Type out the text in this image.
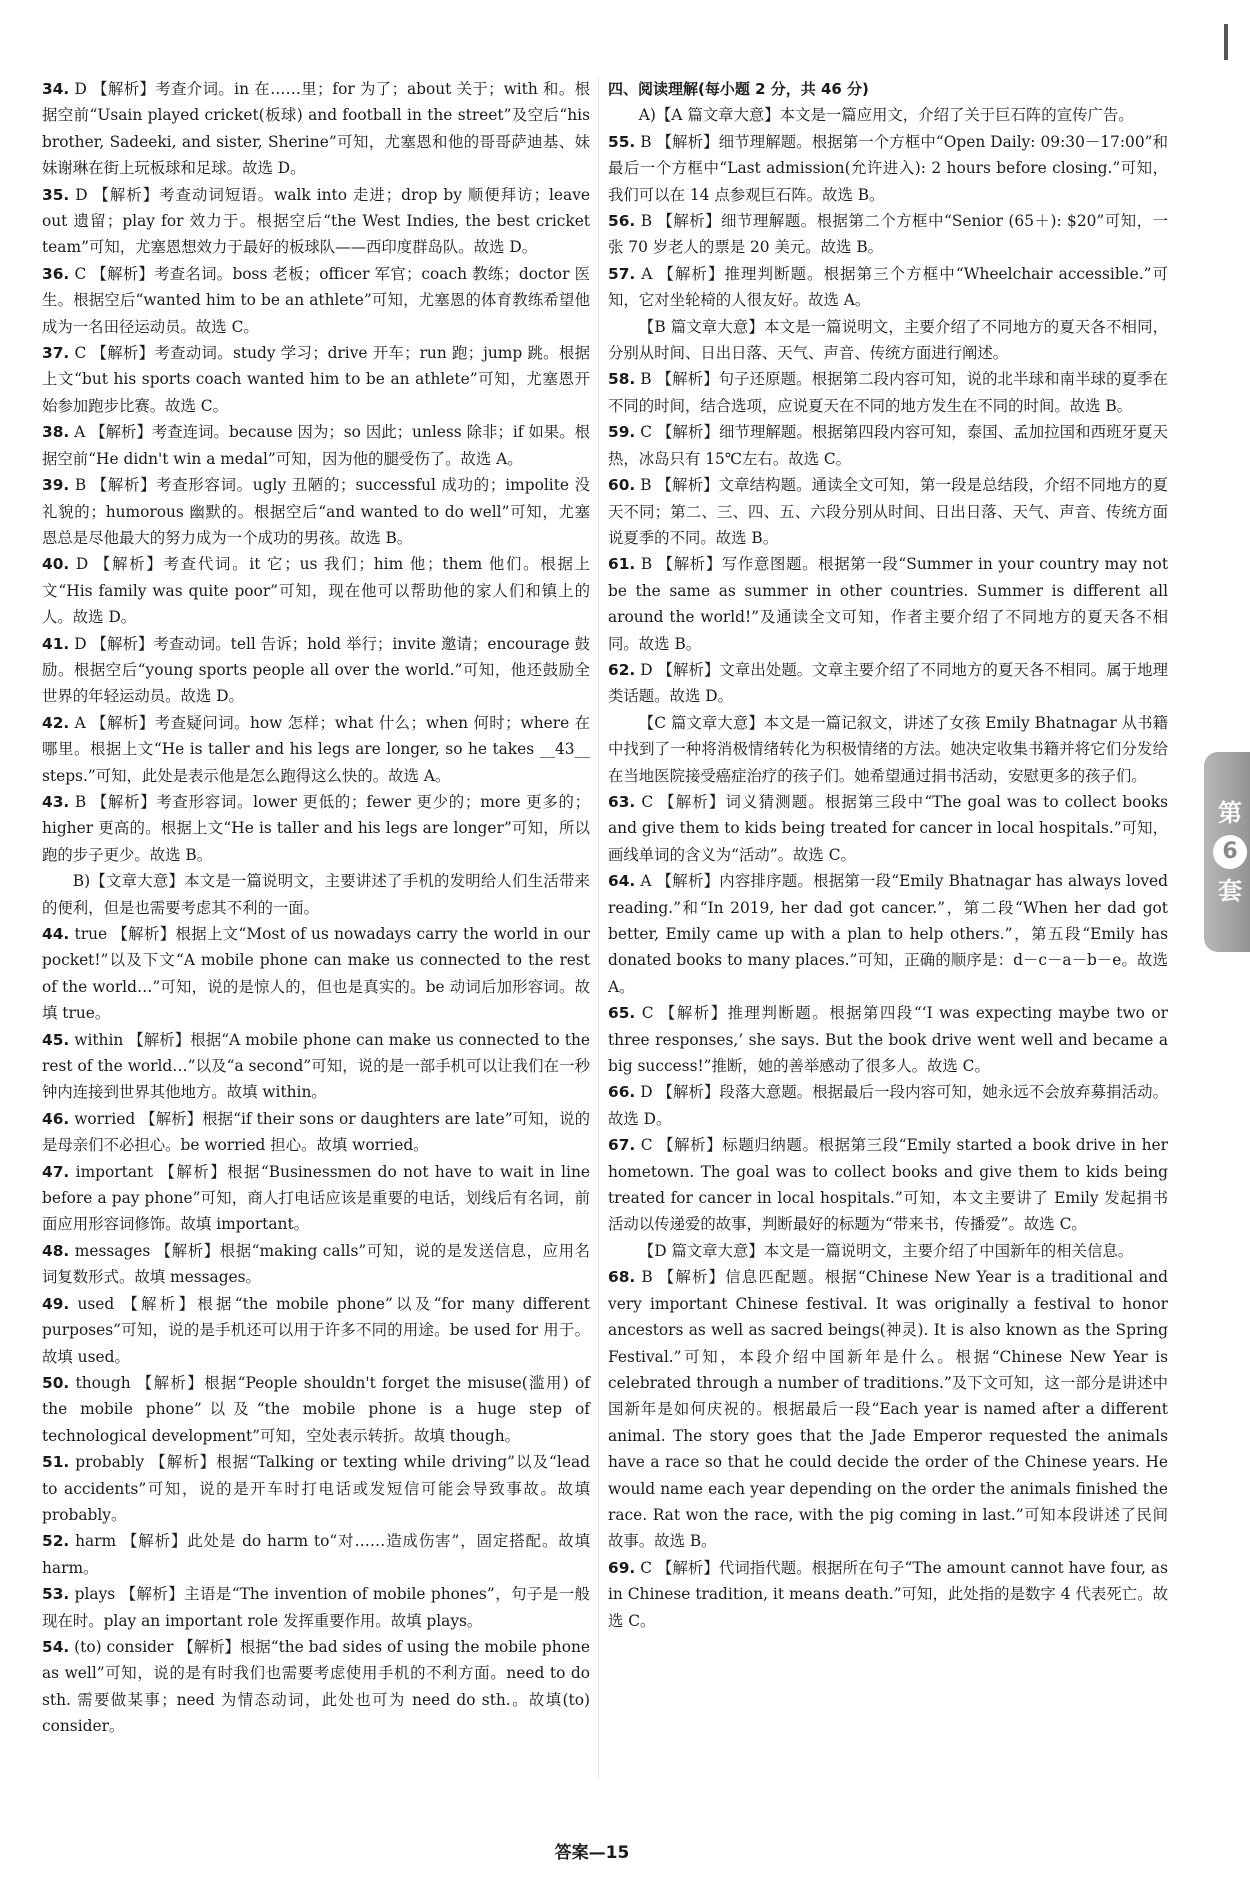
34. D 【解析】考查介词。in 在……里；for 为了；about 关于；with 和。根据空前“Usain played cricket(板球) and football in the street”及空后“his brother, Sadeeki, and sister, Sherine”可知，尤塞恩和他的哥哥萨迪基、妹妹谢琳在街上玩板球和足球。故选 D。

35. D 【解析】考查动词短语。walk into 走进；drop by 顺便拜访；leave out 遗留；play for 效力于。根据空后“the West Indies, the best cricket team”可知，尤塞恩想效力于最好的板球队——西印度群岛队。故选 D。

36. C 【解析】考查名词。boss 老板；officer 军官；coach 教练；doctor 医生。根据空后“wanted him to be an athlete”可知，尤塞恩的体育教练希望他成为一名田径运动员。故选 C。

37. C 【解析】考查动词。study 学习；drive 开车；run 跑；jump 跳。根据上文“but his sports coach wanted him to be an athlete”可知，尤塞恩开始参加跑步比赛。故选 C。

38. A 【解析】考查连词。because 因为；so 因此；unless 除非；if 如果。根据空前“He didn't win a medal”可知，因为他的腿受伤了。故选 A。

39. B 【解析】考查形容词。ugly 丑陋的；successful 成功的；impolite 没礼貌的；humorous 幽默的。根据空后“and wanted to do well”可知，尤塞恩总是尽他最大的努力成为一个成功的男孩。故选 B。

40. D 【解析】考查代词。it 它；us 我们；him 他；them 他们。根据上文“His family was quite poor”可知，现在他可以帮助他的家人们和镇上的人。故选 D。

41. D 【解析】考查动词。tell 告诉；hold 举行；invite 邀请；encourage 鼓励。根据空后“young sports people all over the world.”可知，他还鼓励全世界的年轻运动员。故选 D。

42. A 【解析】考查疑问词。how 怎样；what 什么；when 何时；where 在哪里。根据上文“He is taller and his legs are longer, so he takes __43__ steps.”可知，此处是表示他是怎么跑得这么快的。故选 A。

43. B 【解析】考查形容词。lower 更低的；fewer 更少的；more 更多的；higher 更高的。根据上文“He is taller and his legs are longer”可知，所以跑的步子更少。故选 B。

B)【文章大意】本文是一篇说明文，主要讲述了手机的发明给人们生活带来的便利，但是也需要考虑其不利的一面。

44. true 【解析】根据上文“Most of us nowadays carry the world in our pocket!”以及下文“A mobile phone can make us connected to the rest of the world…”可知，说的是惊人的，但也是真实的。be 动词后加形容词。故填 true。

45. within 【解析】根据“A mobile phone can make us connected to the rest of the world…”以及“a second”可知，说的是一部手机可以让我们在一秒钟内连接到世界其他地方。故填 within。

46. worried 【解析】根据“if their sons or daughters are late”可知，说的是母亲们不必担心。be worried 担心。故填 worried。

47. important 【解析】根据“Businessmen do not have to wait in line before a pay phone”可知，商人打电话应该是重要的电话，划线后有名词，前面应用形容词修饰。故填 important。

48. messages 【解析】根据“making calls”可知，说的是发送信息，应用名词复数形式。故填 messages。

49. used 【解析】根据“the mobile phone”以及“for many different purposes”可知，说的是手机还可以用于许多不同的用途。be used for 用于。故填 used。

50. though 【解析】根据“People shouldn't forget the misuse(滥用) of the mobile phone”以及“the mobile phone is a huge step of technological development”可知，空处表示转折。故填 though。

51. probably 【解析】根据“Talking or texting while driving”以及“lead to accidents”可知，说的是开车时打电话或发短信可能会导致事故。故填 probably。

52. harm 【解析】此处是 do harm to“对……造成伤害”，固定搭配。故填 harm。

53. plays 【解析】主语是“The invention of mobile phones”，句子是一般现在时。play an important role 发挥重要作用。故填 plays。

54. (to) consider 【解析】根据“the bad sides of using the mobile phone as well”可知，说的是有时我们也需要考虑使用手机的不利方面。need to do sth. 需要做某事；need 为情态动词，此处也可为 need do sth.。故填(to) consider。

四、阅读理解(每小题 2 分，共 46 分)

A)【A 篇文章大意】本文是一篇应用文，介绍了关于巨石阵的宣传广告。

55. B 【解析】细节理解题。根据第一个方框中“Open Daily: 09:30－17:00”和最后一个方框中“Last admission(允许进入): 2 hours before closing.”可知，我们可以在 14 点参观巨石阵。故选 B。

56. B 【解析】细节理解题。根据第二个方框中“Senior (65＋): $20”可知，一张 70 岁老人的票是 20 美元。故选 B。

57. A 【解析】推理判断题。根据第三个方框中“Wheelchair accessible.”可知，它对坐轮椅的人很友好。故选 A。

【B 篇文章大意】本文是一篇说明文，主要介绍了不同地方的夏天各不相同，分别从时间、日出日落、天气、声音、传统方面进行阐述。

58. B 【解析】句子还原题。根据第二段内容可知，说的北半球和南半球的夏季在不同的时间，结合选项，应说夏天在不同的地方发生在不同的时间。故选 B。

59. C 【解析】细节理解题。根据第四段内容可知，泰国、孟加拉国和西班牙夏天热，冰岛只有 15℃左右。故选 C。

60. B 【解析】文章结构题。通读全文可知，第一段是总结段，介绍不同地方的夏天不同；第二、三、四、五、六段分别从时间、日出日落、天气、声音、传统方面说夏季的不同。故选 B。

61. B 【解析】写作意图题。根据第一段“Summer in your country may not be the same as summer in other countries. Summer is different all around the world!”及通读全文可知，作者主要介绍了不同地方的夏天各不相同。故选 B。

62. D 【解析】文章出处题。文章主要介绍了不同地方的夏天各不相同。属于地理类话题。故选 D。

【C 篇文章大意】本文是一篇记叙文，讲述了女孩 Emily Bhatnagar 从书籍中找到了一种将消极情绪转化为积极情绪的方法。她决定收集书籍并将它们分发给在当地医院接受癌症治疗的孩子们。她希望通过捐书活动，安慰更多的孩子们。

63. C 【解析】词义猜测题。根据第三段中“The goal was to collect books and give them to kids being treated for cancer in local hospitals.”可知，画线单词的含义为“活动”。故选 C。

64. A 【解析】内容排序题。根据第一段“Emily Bhatnagar has always loved reading.”和“In 2019, her dad got cancer.”，第二段“When her dad got better, Emily came up with a plan to help others.”，第五段“Emily has donated books to many places.”可知，正确的顺序是：d－c－a－b－e。故选 A。

65. C 【解析】推理判断题。根据第四段“‘I was expecting maybe two or three responses,’ she says. But the book drive went well and became a big success!”推断，她的善举感动了很多人。故选 C。

66. D 【解析】段落大意题。根据最后一段内容可知，她永远不会放弃募捐活动。故选 D。

67. C 【解析】标题归纳题。根据第三段“Emily started a book drive in her hometown. The goal was to collect books and give them to kids being treated for cancer in local hospitals.”可知，本文主要讲了 Emily 发起捐书活动以传递爱的故事，判断最好的标题为“带来书，传播爱”。故选 C。

【D 篇文章大意】本文是一篇说明文，主要介绍了中国新年的相关信息。

68. B 【解析】信息匹配题。根据“Chinese New Year is a traditional and very important Chinese festival. It was originally a festival to honor ancestors as well as sacred beings(神灵). It is also known as the Spring Festival.”可知，本段介绍中国新年是什么。根据“Chinese New Year is celebrated through a number of traditions.”及下文可知，这一部分是讲述中国新年是如何庆祝的。根据最后一段“Each year is named after a different animal. The story goes that the Jade Emperor requested the animals have a race so that he could decide the order of the Chinese years. He would name each year depending on the order the animals finished the race. Rat won the race, with the pig coming in last.”可知本段讲述了民间故事。故选 B。

69. C 【解析】代词指代题。根据所在句子“The amount cannot have four, as in Chinese tradition, it means death.”可知，此处指的是数字 4 代表死亡。故选 C。

第
6
套
答案—15
